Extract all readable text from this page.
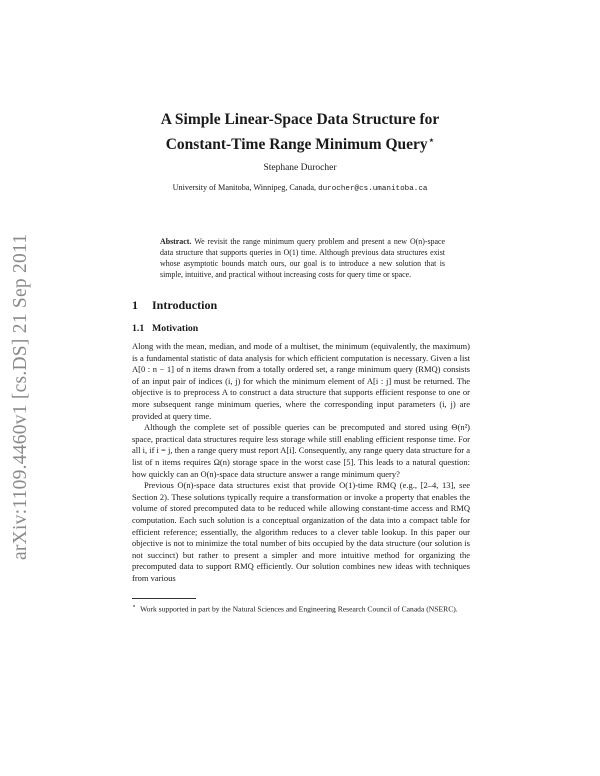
arXiv:1109.4460v1 [cs.DS] 21 Sep 2011
A Simple Linear-Space Data Structure for
Constant-Time Range Minimum Query⋆
Stephane Durocher
University of Manitoba, Winnipeg, Canada, durocher@cs.umanitoba.ca
Abstract. We revisit the range minimum query problem and present a new O(n)-space data structure that supports queries in O(1) time. Although previous data structures exist whose asymptotic bounds match ours, our goal is to introduce a new solution that is simple, intuitive, and practical without increasing costs for query time or space.
1 Introduction
1.1 Motivation

Along with the mean, median, and mode of a multiset, the minimum (equivalently, the maximum) is a fundamental statistic of data analysis for which efficient computation is necessary. Given a list A[0 : n − 1] of n items drawn from a totally ordered set, a range minimum query (RMQ) consists of an input pair of indices (i, j) for which the minimum element of A[i : j] must be returned. The objective is to preprocess A to construct a data structure that supports efficient response to one or more subsequent range minimum queries, where the corresponding input parameters (i, j) are provided at query time.

Although the complete set of possible queries can be precomputed and stored using Θ(n²) space, practical data structures require less storage while still enabling efficient response time. For all i, if i = j, then a range query must report A[i]. Consequently, any range query data structure for a list of n items requires Ω(n) storage space in the worst case [5]. This leads to a natural question: how quickly can an O(n)-space data structure answer a range minimum query?

Previous O(n)-space data structures exist that provide O(1)-time RMQ (e.g., [2–4, 13], see Section 2). These solutions typically require a transformation or invoke a property that enables the volume of stored precomputed data to be reduced while allowing constant-time access and RMQ computation. Each such solution is a conceptual organization of the data into a compact table for efficient reference; essentially, the algorithm reduces to a clever table lookup. In this paper our objective is not to minimize the total number of bits occupied by the data structure (our solution is not succinct) but rather to present a simpler and more intuitive method for organizing the precomputed data to support RMQ efficiently. Our solution combines new ideas with techniques from various

⋆ Work supported in part by the Natural Sciences and Engineering Research Council of Canada (NSERC).
